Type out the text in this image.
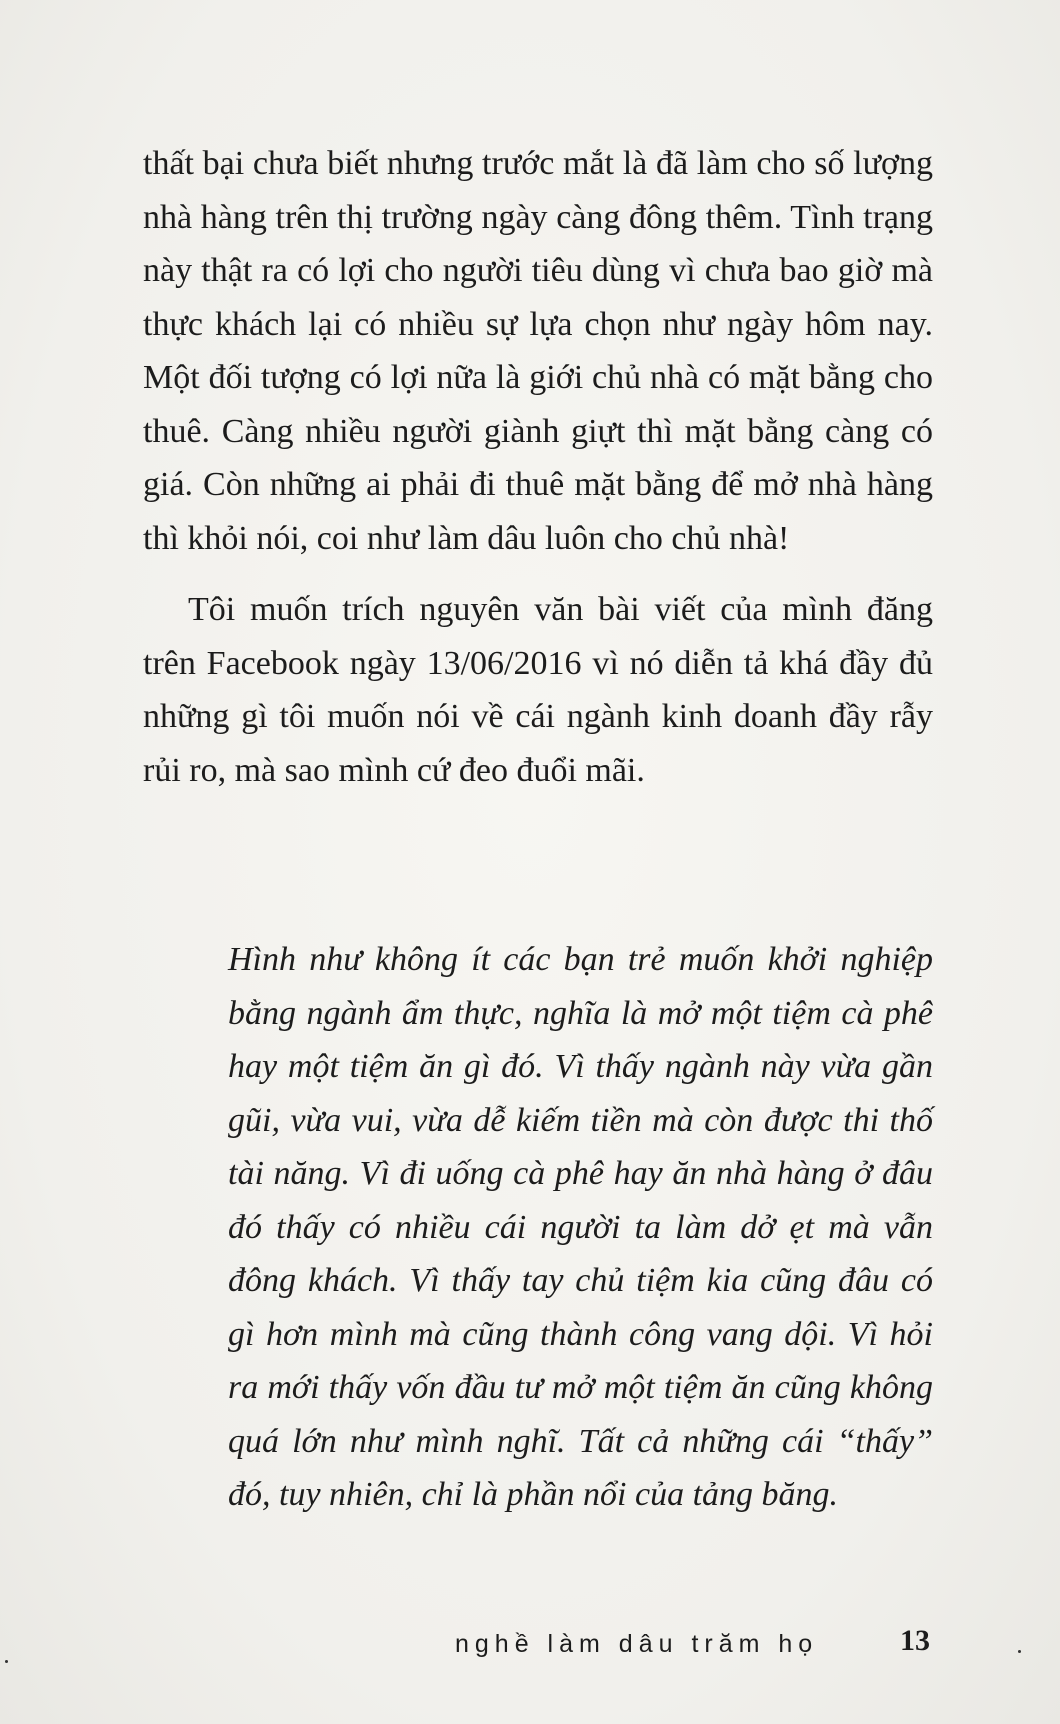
thất bại chưa biết nhưng trước mắt là đã làm cho số lượng nhà hàng trên thị trường ngày càng đông thêm. Tình trạng này thật ra có lợi cho người tiêu dùng vì chưa bao giờ mà thực khách lại có nhiều sự lựa chọn như ngày hôm nay. Một đối tượng có lợi nữa là giới chủ nhà có mặt bằng cho thuê. Càng nhiều người giành giựt thì mặt bằng càng có giá. Còn những ai phải đi thuê mặt bằng để mở nhà hàng thì khỏi nói, coi như làm dâu luôn cho chủ nhà!

Tôi muốn trích nguyên văn bài viết của mình đăng trên Facebook ngày 13/06/2016 vì nó diễn tả khá đầy đủ những gì tôi muốn nói về cái ngành kinh doanh đầy rẫy rủi ro, mà sao mình cứ đeo đuổi mãi.

Hình như không ít các bạn trẻ muốn khởi nghiệp bằng ngành ẩm thực, nghĩa là mở một tiệm cà phê hay một tiệm ăn gì đó. Vì thấy ngành này vừa gần gũi, vừa vui, vừa dễ kiếm tiền mà còn được thi thố tài năng. Vì đi uống cà phê hay ăn nhà hàng ở đâu đó thấy có nhiều cái người ta làm dở ẹt mà vẫn đông khách. Vì thấy tay chủ tiệm kia cũng đâu có gì hơn mình mà cũng thành công vang dội. Vì hỏi ra mới thấy vốn đầu tư mở một tiệm ăn cũng không quá lớn như mình nghĩ. Tất cả những cái “thấy” đó, tuy nhiên, chỉ là phần nổi của tảng băng.

nghề làm dâu trăm họ	13
